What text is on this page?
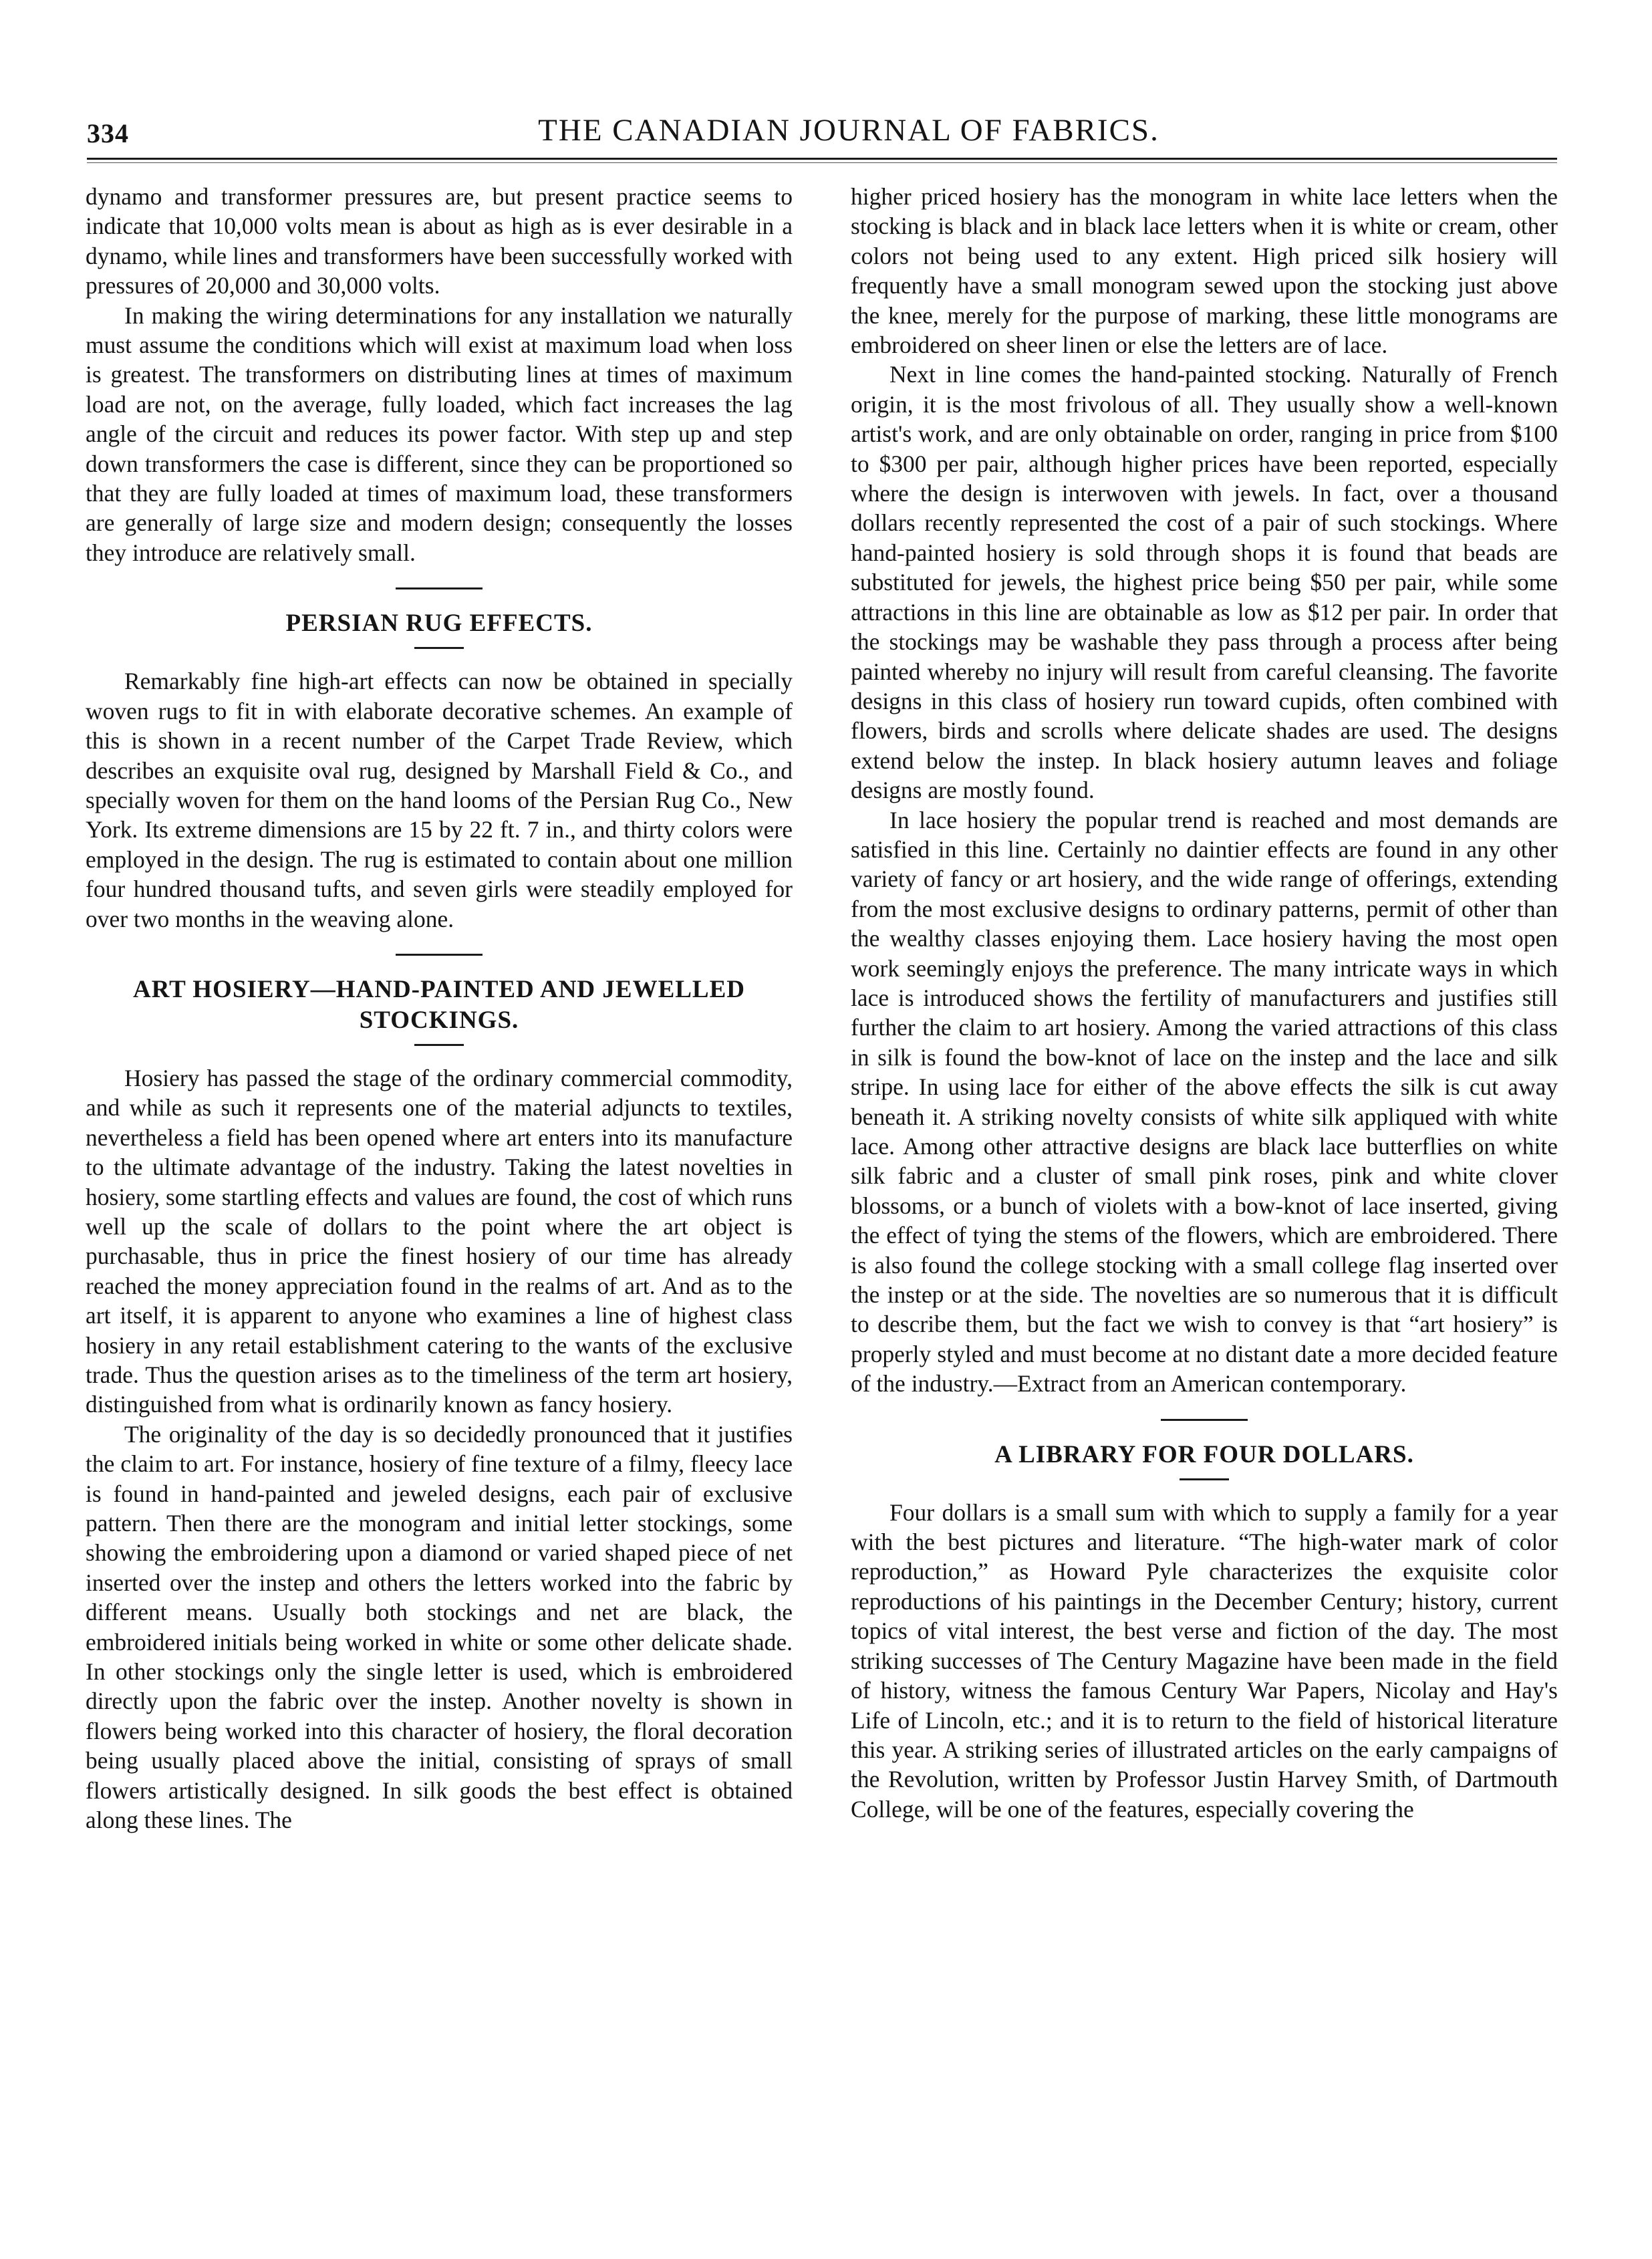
334	THE CANADIAN JOURNAL OF FABRICS.

dynamo and transformer pressures are, but present practice seems to indicate that 10,000 volts mean is about as high as is ever desirable in a dynamo, while lines and transformers have been successfully worked with pressures of 20,000 and 30,000 volts.

In making the wiring determinations for any installation we naturally must assume the conditions which will exist at maximum load when loss is greatest. The transformers on distributing lines at times of maximum load are not, on the average, fully loaded, which fact increases the lag angle of the circuit and reduces its power factor. With step up and step down transformers the case is different, since they can be proportioned so that they are fully loaded at times of maximum load, these transformers are generally of large size and modern design; consequently the losses they introduce are relatively small.

PERSIAN RUG EFFECTS.

Remarkably fine high-art effects can now be obtained in specially woven rugs to fit in with elaborate decorative schemes. An example of this is shown in a recent number of the Carpet Trade Review, which describes an exquisite oval rug, designed by Marshall Field & Co., and specially woven for them on the hand looms of the Persian Rug Co., New York. Its extreme dimensions are 15 by 22 ft. 7 in., and thirty colors were employed in the design. The rug is estimated to contain about one million four hundred thousand tufts, and seven girls were steadily employed for over two months in the weaving alone.

ART HOSIERY—HAND-PAINTED AND JEWELLED
STOCKINGS.

Hosiery has passed the stage of the ordinary commercial commodity, and while as such it represents one of the material adjuncts to textiles, nevertheless a field has been opened where art enters into its manufacture to the ultimate advantage of the industry. Taking the latest novelties in hosiery, some startling effects and values are found, the cost of which runs well up the scale of dollars to the point where the art object is purchasable, thus in price the finest hosiery of our time has already reached the money appreciation found in the realms of art. And as to the art itself, it is apparent to anyone who examines a line of highest class hosiery in any retail establishment catering to the wants of the exclusive trade. Thus the question arises as to the timeliness of the term art hosiery, distinguished from what is ordinarily known as fancy hosiery.

The originality of the day is so decidedly pronounced that it justifies the claim to art. For instance, hosiery of fine texture of a filmy, fleecy lace is found in hand-painted and jeweled designs, each pair of exclusive pattern. Then there are the monogram and initial letter stockings, some showing the embroidering upon a diamond or varied shaped piece of net inserted over the instep and others the letters worked into the fabric by different means. Usually both stockings and net are black, the embroidered initials being worked in white or some other delicate shade. In other stockings only the single letter is used, which is embroidered directly upon the fabric over the instep. Another novelty is shown in flowers being worked into this character of hosiery, the floral decoration being usually placed above the initial, consisting of sprays of small flowers artistically designed. In silk goods the best effect is obtained along these lines. The

higher priced hosiery has the monogram in white lace letters when the stocking is black and in black lace letters when it is white or cream, other colors not being used to any extent. High priced silk hosiery will frequently have a small monogram sewed upon the stocking just above the knee, merely for the purpose of marking, these little monograms are embroidered on sheer linen or else the letters are of lace.

Next in line comes the hand-painted stocking. Naturally of French origin, it is the most frivolous of all. They usually show a well-known artist's work, and are only obtainable on order, ranging in price from $100 to $300 per pair, although higher prices have been reported, especially where the design is interwoven with jewels. In fact, over a thousand dollars recently represented the cost of a pair of such stockings. Where hand-painted hosiery is sold through shops it is found that beads are substituted for jewels, the highest price being $50 per pair, while some attractions in this line are obtainable as low as $12 per pair. In order that the stockings may be washable they pass through a process after being painted whereby no injury will result from careful cleansing. The favorite designs in this class of hosiery run toward cupids, often combined with flowers, birds and scrolls where delicate shades are used. The designs extend below the instep. In black hosiery autumn leaves and foliage designs are mostly found.

In lace hosiery the popular trend is reached and most demands are satisfied in this line. Certainly no daintier effects are found in any other variety of fancy or art hosiery, and the wide range of offerings, extending from the most exclusive designs to ordinary patterns, permit of other than the wealthy classes enjoying them. Lace hosiery having the most open work seemingly enjoys the preference. The many intricate ways in which lace is introduced shows the fertility of manufacturers and justifies still further the claim to art hosiery. Among the varied attractions of this class in silk is found the bow-knot of lace on the instep and the lace and silk stripe. In using lace for either of the above effects the silk is cut away beneath it. A striking novelty consists of white silk appliqued with white lace. Among other attractive designs are black lace butterflies on white silk fabric and a cluster of small pink roses, pink and white clover blossoms, or a bunch of violets with a bow-knot of lace inserted, giving the effect of tying the stems of the flowers, which are embroidered. There is also found the college stocking with a small college flag inserted over the instep or at the side. The novelties are so numerous that it is difficult to describe them, but the fact we wish to convey is that “art hosiery” is properly styled and must become at no distant date a more decided feature of the industry.—Extract from an American contemporary.

A LIBRARY FOR FOUR DOLLARS.

Four dollars is a small sum with which to supply a family for a year with the best pictures and literature. “The high-water mark of color reproduction,” as Howard Pyle characterizes the exquisite color reproductions of his paintings in the December Century; history, current topics of vital interest, the best verse and fiction of the day. The most striking successes of The Century Magazine have been made in the field of history, witness the famous Century War Papers, Nicolay and Hay's Life of Lincoln, etc.; and it is to return to the field of historical literature this year. A striking series of illustrated articles on the early campaigns of the Revolution, written by Professor Justin Harvey Smith, of Dartmouth College, will be one of the features, especially covering the
